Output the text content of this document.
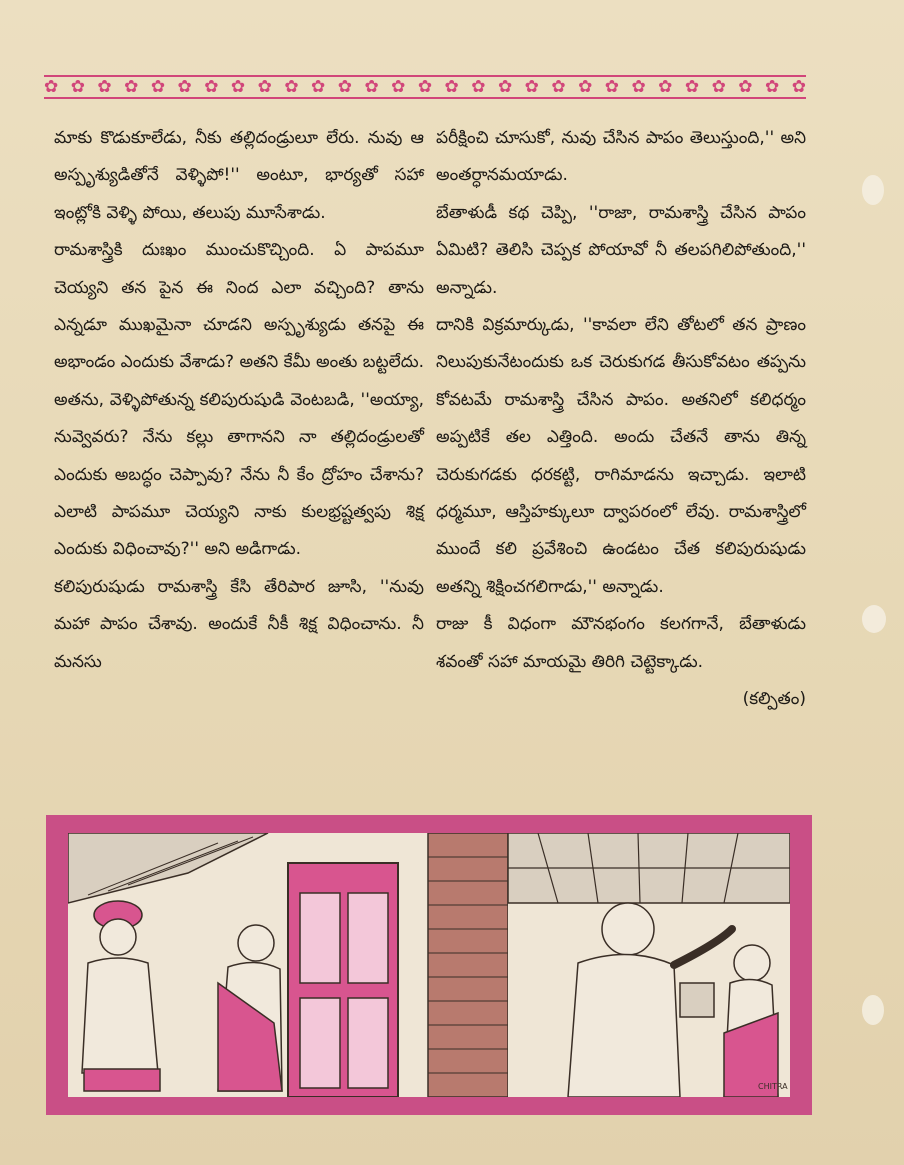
✿ ✿ ✿ ✿ ✿ ✿ ✿ ✿ ✿ ✿ ✿ ✿ ✿ ✿ ✿ ✿ ✿ ✿ ✿ ✿ ✿ ✿ ✿ ✿ ✿ ✿ ✿ ✿ ✿

మాకు కొడుకూలేడు, నీకు తల్లిదండ్రులూ లేరు. నువు ఆ అస్పృశ్యుడితోనే వెళ్ళిపో!'' అంటూ, భార్యతో సహా ఇంట్లోకి వెళ్ళి పోయి, తలుపు మూసేశాడు.

రామశాస్త్రికి దుఃఖం ముంచుకొచ్చింది. ఏ పాపమూ చెయ్యని తన పైన ఈ నింద ఎలా వచ్చింది? తాను ఎన్నడూ ముఖమైనా చూడని అస్పృశ్యుడు తనపై ఈ అభాండం ఎందుకు వేశాడు? అతని కేమీ అంతు బట్టలేదు. అతను, వెళ్ళిపోతున్న కలిపురుషుడి వెంటబడి, ''అయ్యా, నువ్వెవరు? నేను కల్లు తాగానని నా తల్లిదండ్రులతో ఎందుకు అబద్ధం చెప్పావు? నేను నీ కేం ద్రోహం చేశాను? ఎలాటి పాపమూ చెయ్యని నాకు కులభ్రష్టత్వపు శిక్ష ఎందుకు విధించావు?'' అని అడిగాడు.

కలిపురుషుడు రామశాస్త్రి కేసి తేరిపార జూసి, ''నువు మహా పాపం చేశావు. అందుకే నీకీ శిక్ష విధించాను. నీ మనసు

పరీక్షించి చూసుకో, నువు చేసిన పాపం తెలుస్తుంది,'' అని అంతర్ధానమయాడు.

బేతాళుడీ కథ చెప్పి, ''రాజా, రామశాస్త్రి చేసిన పాపం ఏమిటి? తెలిసి చెప్పక పోయావో నీ తలపగిలిపోతుంది,'' అన్నాడు.

దానికి విక్రమార్కుడు, ''కావలా లేని తోటలో తన ప్రాణం నిలుపుకునేటందుకు ఒక చెరుకుగడ తీసుకోవటం తప్పను కోవటమే రామశాస్త్రి చేసిన పాపం. అతనిలో కలిధర్మం అప్పటికే తల ఎత్తింది. అందు చేతనే తాను తిన్న చెరుకుగడకు ధరకట్టి, రాగిమాడను ఇచ్చాడు. ఇలాటి ధర్మమూ, ఆస్తిహక్కులూ ద్వాపరంలో లేవు. రామశాస్త్రిలో ముందే కలి ప్రవేశించి ఉండటం చేత కలిపురుషుడు అతన్ని శిక్షించగలిగాడు,'' అన్నాడు.

రాజు కీ విధంగా మౌనభంగం కలగగానే, బేతాళుడు శవంతో సహా మాయమై తిరిగి చెట్టెక్కాడు.

(కల్పితం)

CHITRA
